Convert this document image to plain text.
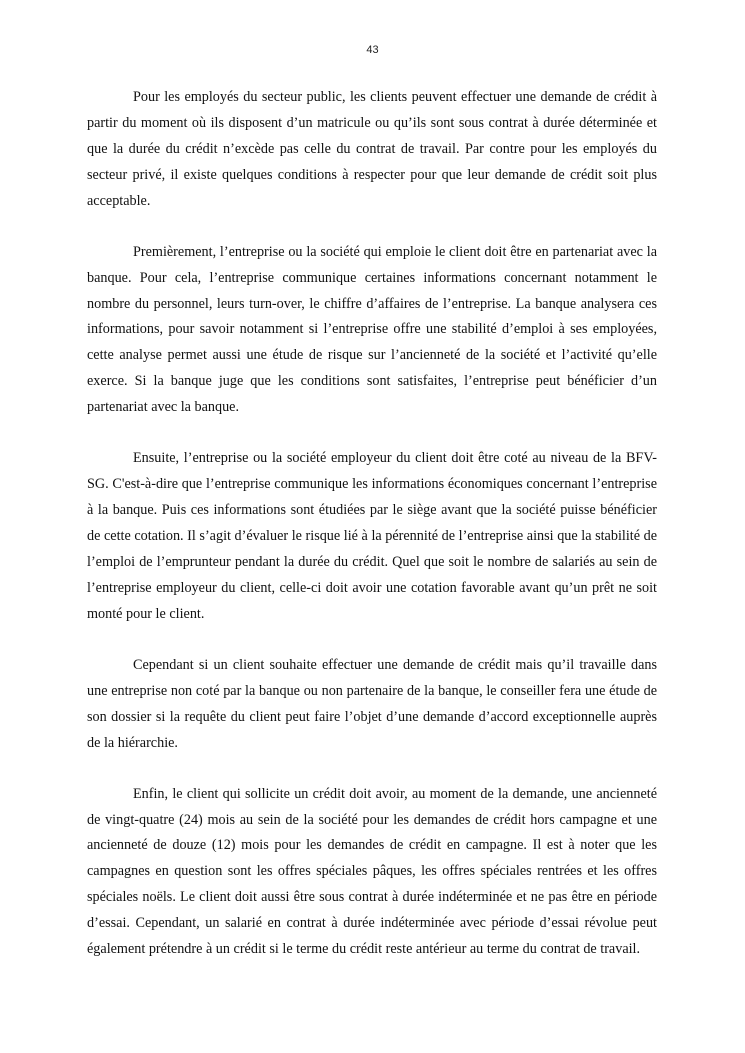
43

Pour les employés du secteur public, les clients peuvent effectuer une demande de crédit à partir du moment où ils disposent d’un matricule ou qu’ils sont sous contrat à durée déterminée et que la durée du crédit n’excède pas celle du contrat de travail. Par contre pour les employés du secteur privé, il existe quelques conditions à respecter pour que leur demande de crédit soit plus acceptable.

Premièrement, l’entreprise ou la société qui emploie le client doit être en partenariat avec la banque. Pour cela, l’entreprise communique certaines informations concernant notamment le nombre du personnel, leurs turn-over, le chiffre d’affaires de l’entreprise. La banque analysera ces informations, pour savoir notamment si l’entreprise offre une stabilité d’emploi à ses employées, cette analyse permet aussi une étude de risque sur l’ancienneté de la société et l’activité qu’elle exerce. Si la banque juge que les conditions sont satisfaites, l’entreprise peut bénéficier d’un partenariat avec la banque.

Ensuite, l’entreprise ou la société employeur du client doit être coté au niveau de la BFV-SG. C'est-à-dire que l’entreprise communique les informations économiques concernant l’entreprise à la banque. Puis ces informations sont étudiées par le siège avant que la société puisse bénéficier de cette cotation. Il s’agit d’évaluer le risque lié à la pérennité de l’entreprise ainsi que la stabilité de l’emploi de l’emprunteur pendant la durée du crédit. Quel que soit le nombre de salariés au sein de l’entreprise employeur du client, celle-ci doit avoir une cotation favorable avant qu’un prêt ne soit monté pour le client.

Cependant si un client souhaite effectuer une demande de crédit mais qu’il travaille dans une entreprise non coté par la banque ou non partenaire de la banque, le conseiller fera une étude de son dossier si la requête du client peut faire l’objet d’une demande d’accord exceptionnelle auprès de la hiérarchie.

Enfin, le client qui sollicite un crédit doit avoir, au moment de la demande, une ancienneté de vingt-quatre (24) mois au sein de la société pour les demandes de crédit hors campagne et une ancienneté de douze (12) mois pour les demandes de crédit en campagne. Il est à noter que les campagnes en question sont les offres spéciales pâques, les offres spéciales rentrées et les offres spéciales noëls. Le client doit aussi être sous contrat à durée indéterminée et ne pas être en période d’essai. Cependant, un salarié en contrat à durée indéterminée avec période d’essai révolue peut également prétendre à un crédit si le terme du crédit reste antérieur au terme du contrat de travail.
